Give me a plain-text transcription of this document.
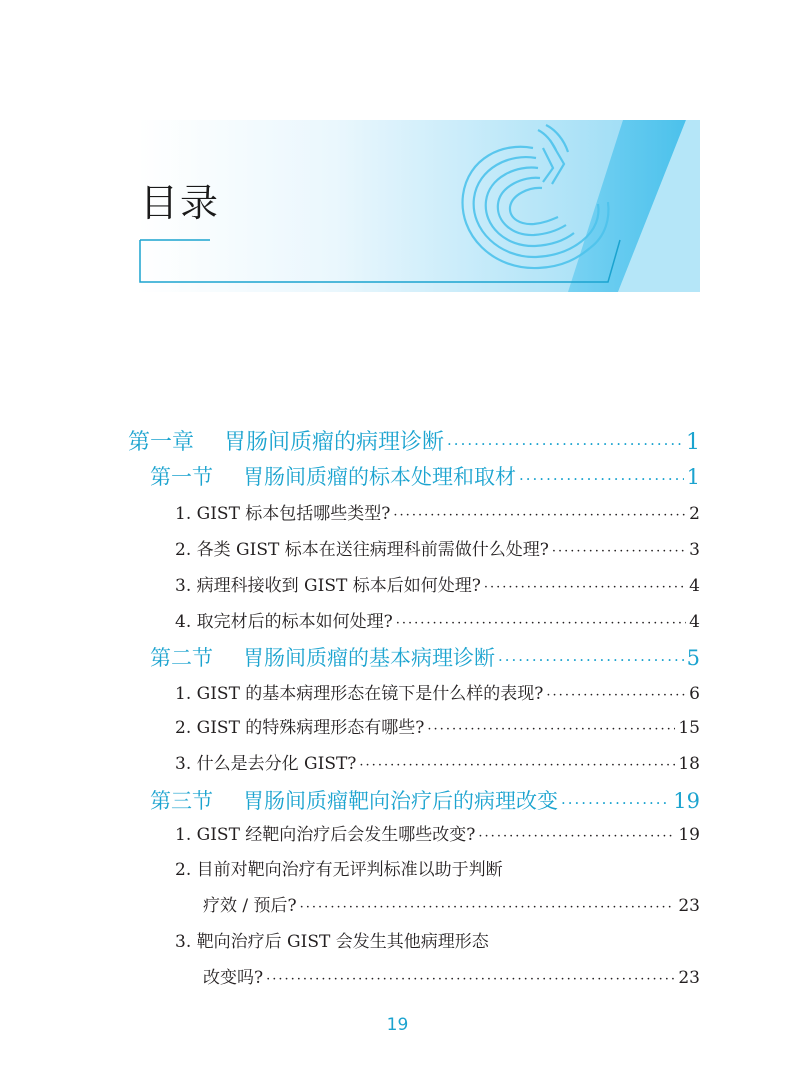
目录
第一章 胃肠间质瘤的病理诊断 ·····	1
第一节 胃肠间质瘤的标本处理和取材 ·····	1
1. GIST 标本包括哪些类型? ·····	2
2. 各类 GIST 标本在送往病理科前需做什么处理? ·····	3
3. 病理科接收到 GIST 标本后如何处理? ·····	4
4. 取完材后的标本如何处理? ·····	4
第二节 胃肠间质瘤的基本病理诊断 ·····	5
1. GIST 的基本病理形态在镜下是什么样的表现? ·····	6
2. GIST 的特殊病理形态有哪些? ·····	15
3. 什么是去分化 GIST? ·····	18
第三节 胃肠间质瘤靶向治疗后的病理改变 ·····	19
1. GIST 经靶向治疗后会发生哪些改变? ·····	19
2. 目前对靶向治疗有无评判标准以助于判断
疗效 / 预后? ·····	23
3. 靶向治疗后 GIST 会发生其他病理形态
改变吗? ·····	23
19
